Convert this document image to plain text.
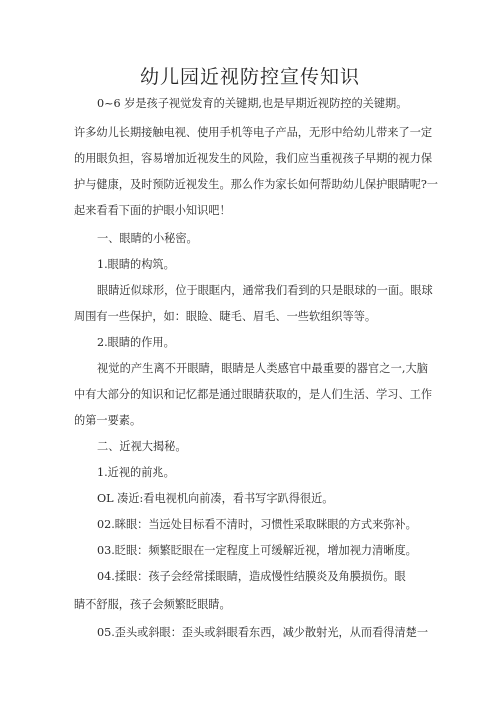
幼儿园近视防控宣传知识
0~6 岁是孩子视觉发育的关键期,也是早期近视防控的关键期。
许多幼儿长期接触电视、使用手机等电子产品，无形中给幼儿带来了一定
的用眼负担，容易增加近视发生的风险，我们应当重视孩子早期的视力保
护与健康，及时预防近视发生。那么作为家长如何帮助幼儿保护眼睛呢?一
起来看看下面的护眼小知识吧！
一、眼睛的小秘密。
1.眼睛的构筑。
眼睛近似球形，位于眼眶内，通常我们看到的只是眼球的一面。眼球
周围有一些保护，如：眼睑、睫毛、眉毛、一些软组织等等。
2.眼睛的作用。
视觉的产生离不开眼睛，眼睛是人类感官中最重要的器官之一,大脑
中有大部分的知识和记忆都是通过眼睛获取的，是人们生活、学习、工作
的第一要素。
二、近视大揭秘。
1.近视的前兆。
OL 凑近:看电视机向前凑，看书写字趴得很近。
02.眯眼：当远处目标看不清时，习惯性采取眯眼的方式来弥补。
03.眨眼：频繁眨眼在一定程度上可缓解近视，增加视力清晰度。
04.揉眼：孩子会经常揉眼睛，造成慢性结膜炎及角膜损伤。眼
睛不舒服，孩子会频繁眨眼睛。
05.歪头或斜眼：歪头或斜眼看东西，减少散射光，从而看得清楚一
